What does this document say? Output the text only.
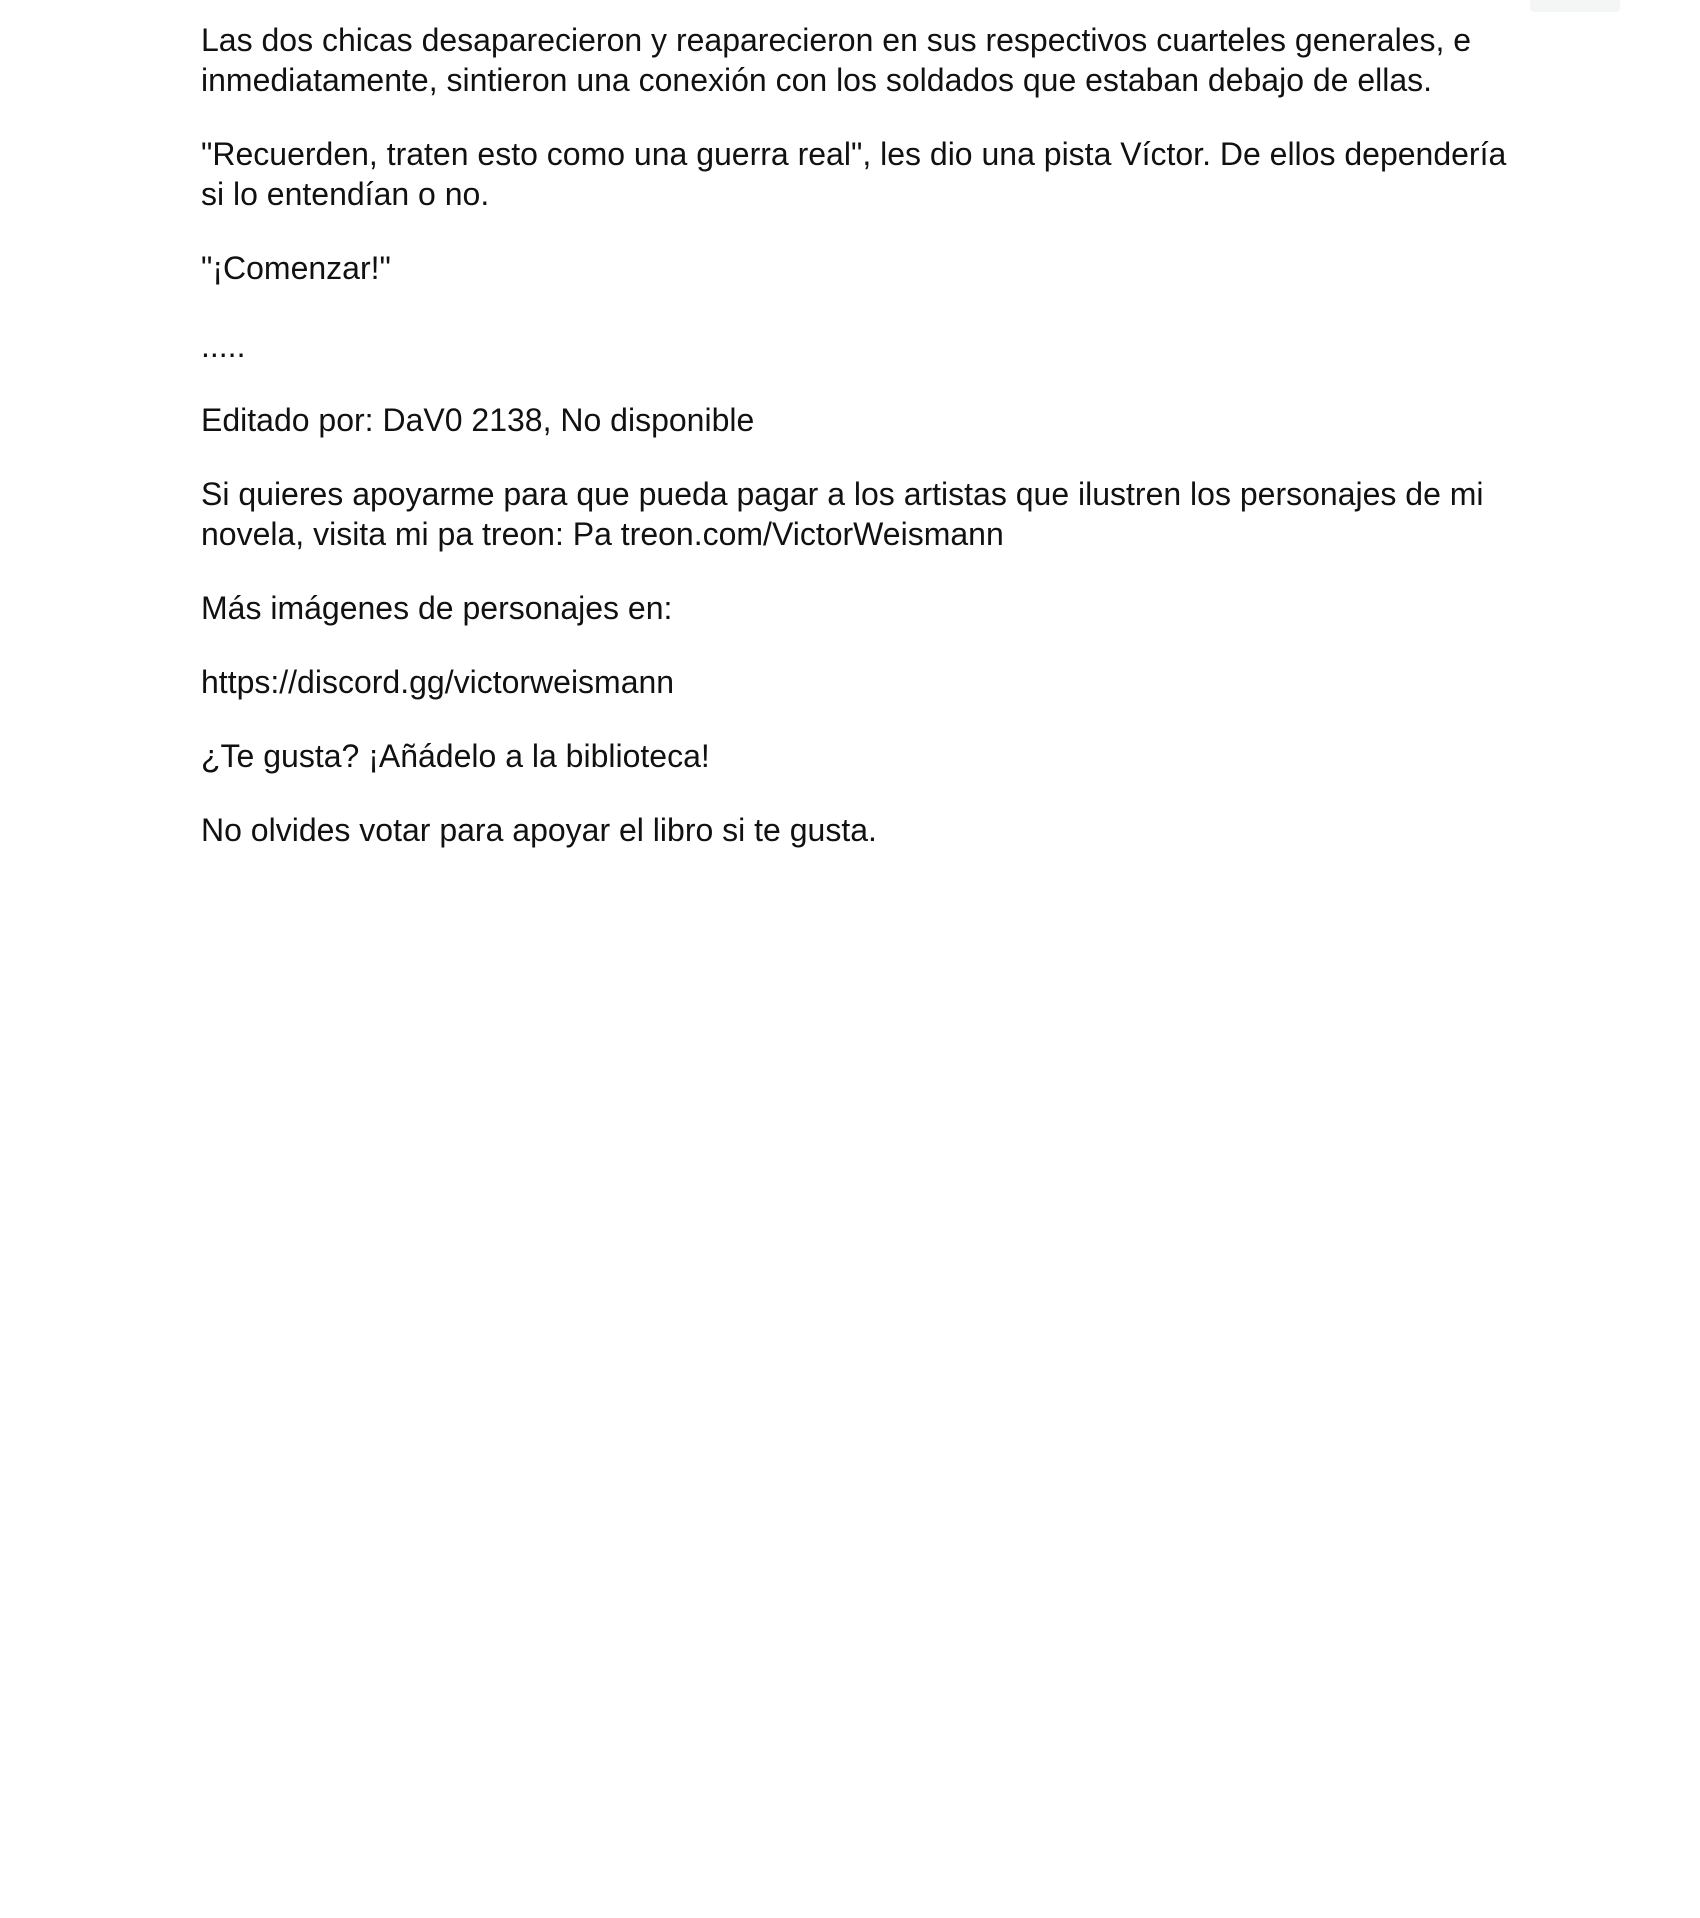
Las dos chicas desaparecieron y reaparecieron en sus respectivos cuarteles generales, e inmediatamente, sintieron una conexión con los soldados que estaban debajo de ellas.

"Recuerden, traten esto como una guerra real", les dio una pista Víctor. De ellos dependería si lo entendían o no.

"¡Comenzar!"

.....

Editado por: DaV0 2138, No disponible

Si quieres apoyarme para que pueda pagar a los artistas que ilustren los personajes de mi novela, visita mi pa treon: Pa treon.com/VictorWeismann

Más imágenes de personajes en:

https://discord.gg/victorweismann

¿Te gusta? ¡Añádelo a la biblioteca!

No olvides votar para apoyar el libro si te gusta.
